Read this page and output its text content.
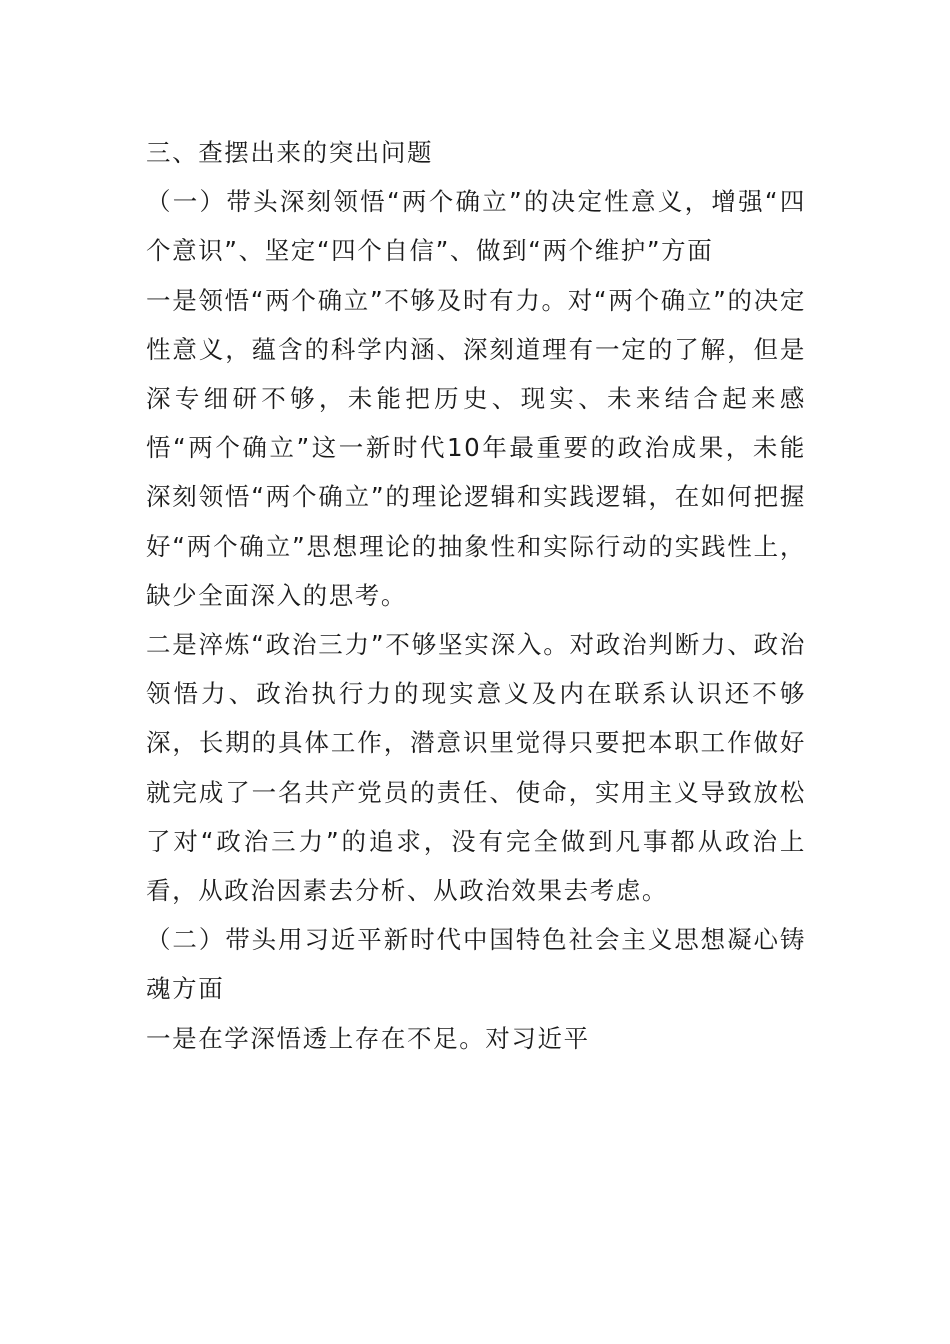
三、查摆出来的突出问题

（一）带头深刻领悟“两个确立”的决定性意义，增强“四个意识”、坚定“四个自信”、做到“两个维护”方面

一是领悟“两个确立”不够及时有力。对“两个确立”的决定性意义，蕴含的科学内涵、深刻道理有一定的了解，但是深专细研不够，未能把历史、现实、未来结合起来感悟“两个确立”这一新时代10年最重要的政治成果，未能深刻领悟“两个确立”的理论逻辑和实践逻辑，在如何把握好“两个确立”思想理论的抽象性和实际行动的实践性上，缺少全面深入的思考。

二是淬炼“政治三力”不够坚实深入。对政治判断力、政治领悟力、政治执行力的现实意义及内在联系认识还不够深，长期的具体工作，潜意识里觉得只要把本职工作做好就完成了一名共产党员的责任、使命，实用主义导致放松了对“政治三力”的追求，没有完全做到凡事都从政治上看，从政治因素去分析、从政治效果去考虑。

（二）带头用习近平新时代中国特色社会主义思想凝心铸魂方面

一是在学深悟透上存在不足。对习近平
